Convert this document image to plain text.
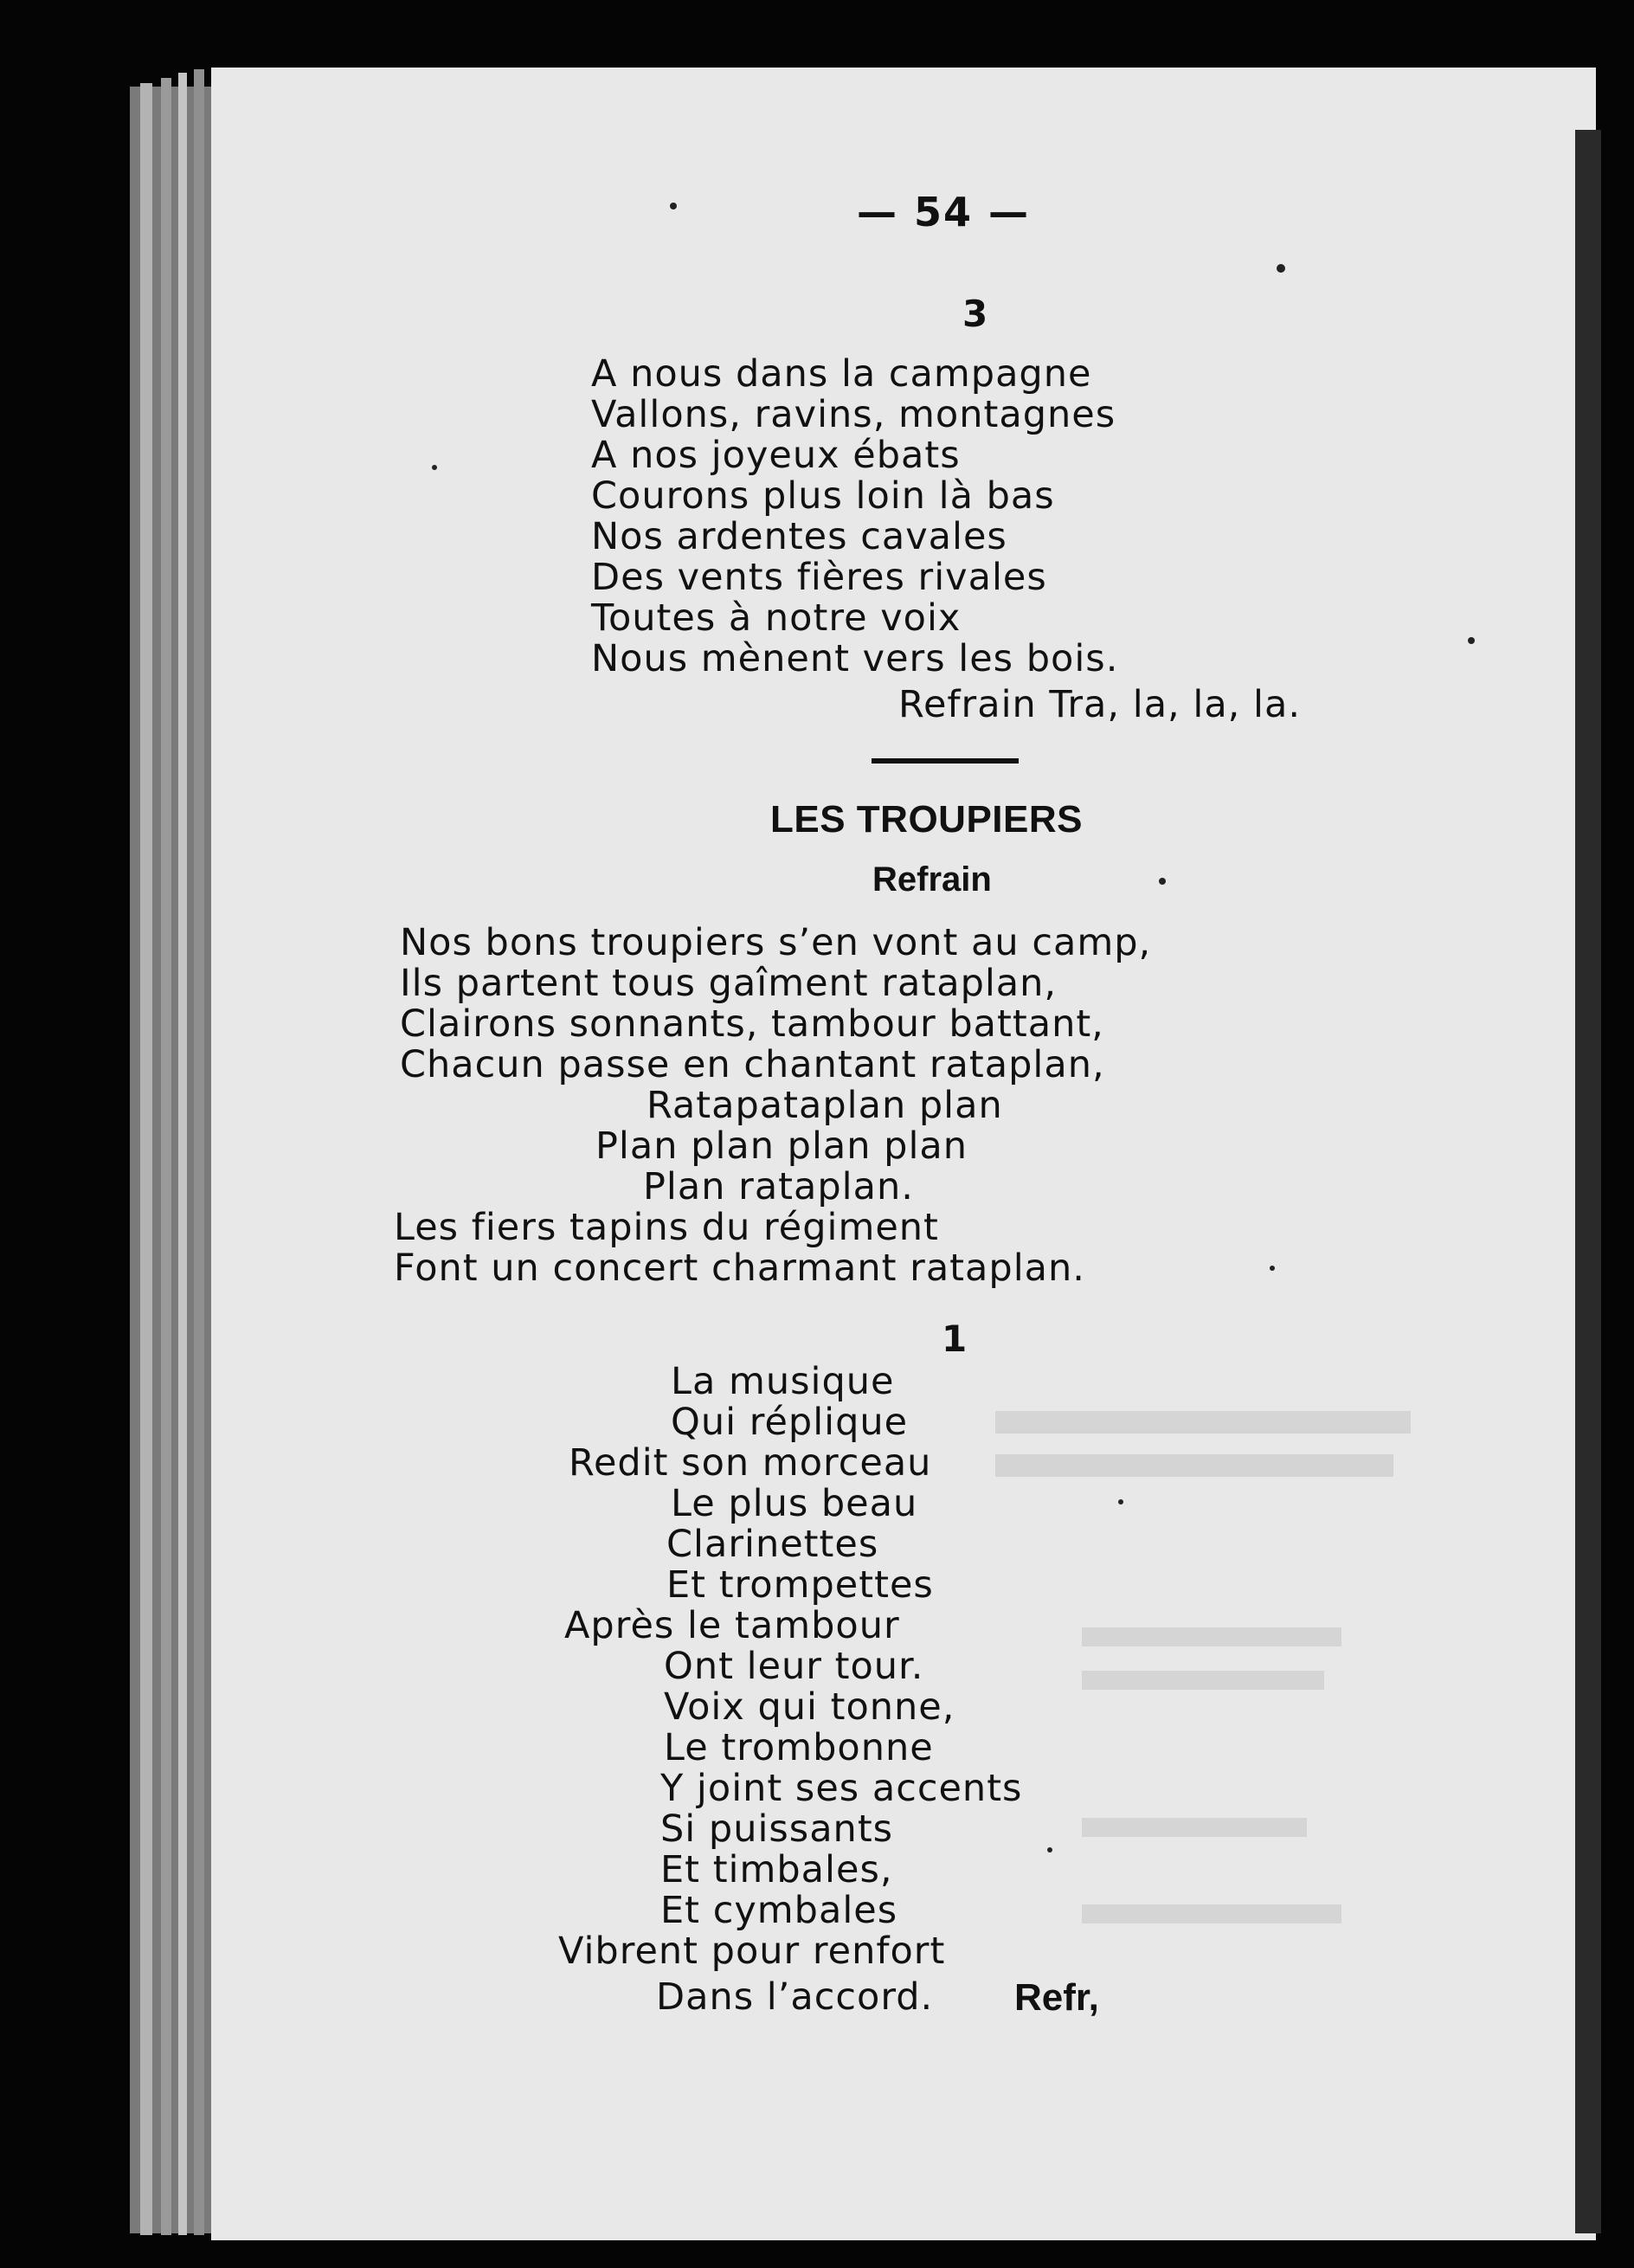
— 54 —
3
A nous dans la campagne
Vallons, ravins, montagnes
A nos joyeux ébats
Courons plus loin là bas
Nos ardentes cavales
Des vents fières rivales
Toutes à notre voix
Nous mènent vers les bois.
Refrain Tra, la, la, la.
LES TROUPIERS
Refrain
Nos bons troupiers s’en vont au camp,
Ils partent tous gaîment rataplan,
Clairons sonnants, tambour battant,
Chacun passe en chantant rataplan,
Ratapataplan plan
Plan plan plan plan
Plan rataplan.
Les fiers tapins du régiment
Font un concert charmant rataplan.
1
La musique
Qui réplique
Redit son morceau
Le plus beau
Clarinettes
Et trompettes
Après le tambour
Ont leur tour.
Voix qui tonne,
Le trombonne
Y joint ses accents
Si puissants
Et timbales,
Et cymbales
Vibrent pour renfort
Dans l’accord. Refr,
